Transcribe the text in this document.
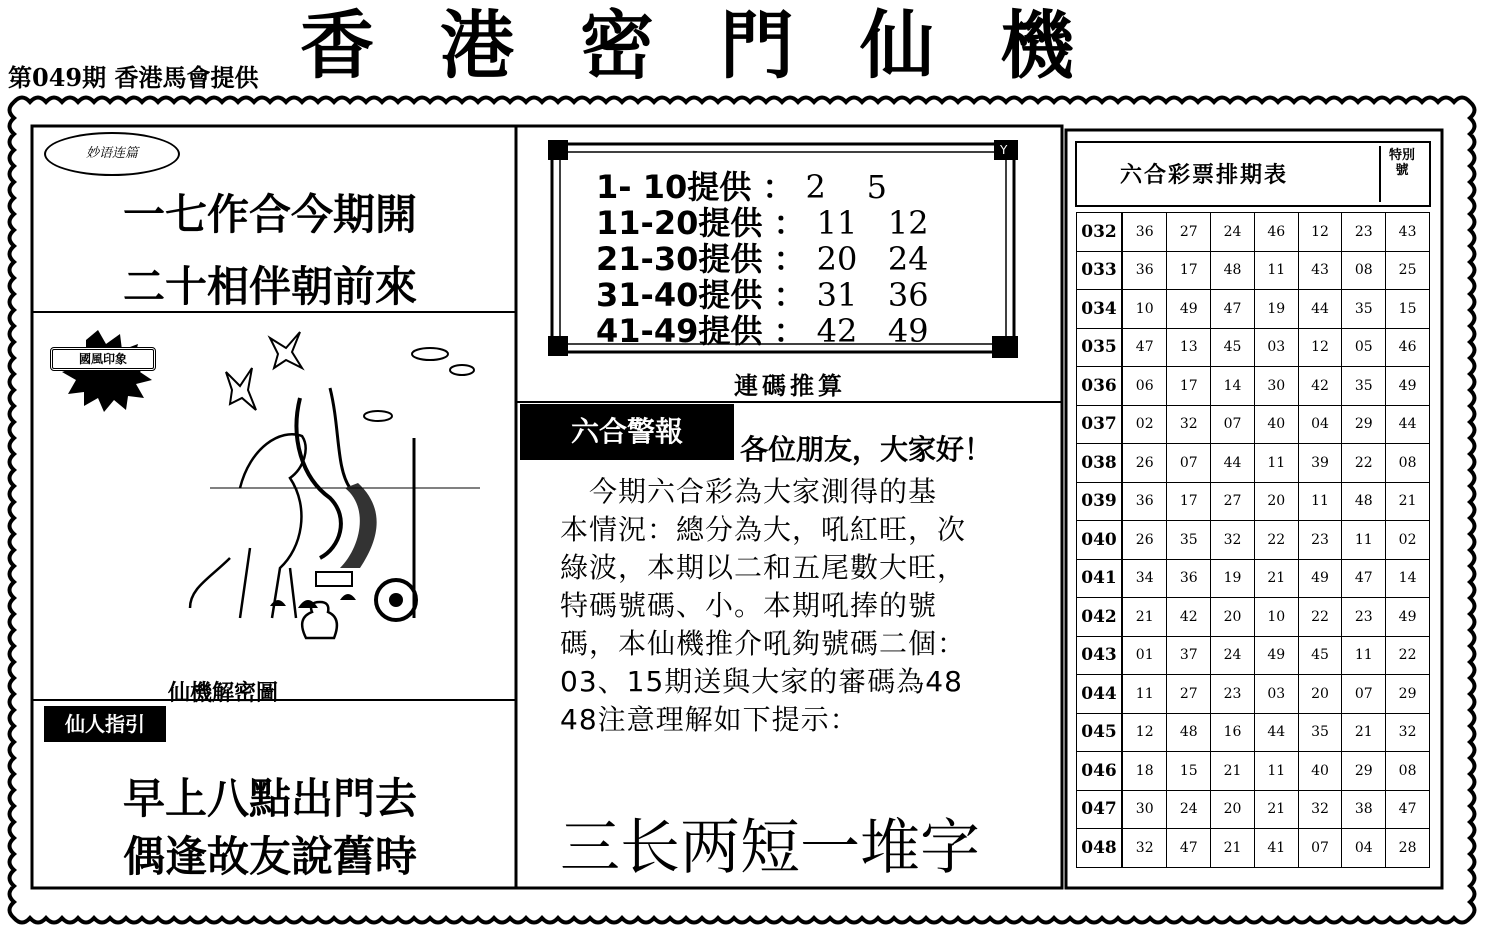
Y
第049期 香港馬會提供 香港密門仙機
妙语连篇
一七作合今期開
二十相伴朝前來
國風印象
仙機解密圖
仙人指引
早上八點出門去
偶逢故友說舊時
1- 10提供 ： 2    5
11-20提供 ： 11   12
21-30提供 ： 20   24
31-40提供 ： 31   36
41-49提供 ： 42   49
連碼推算
六合警報
各位朋友，大家好！
　今期六合彩為大家測得的基
本情況：總分為大，吼紅旺，次
綠波，本期以二和五尾數大旺，
特碼號碼、小。本期吼捧的號
碼，本仙機推介吼夠號碼二個：
03、15期送與大家的審碼為48
48注意理解如下提示：
三长两短一堆字
六合彩票排期表
特別號
032	36	27	24	46	12	23	43
033	36	17	48	11	43	08	25
034	10	49	47	19	44	35	15
035	47	13	45	03	12	05	46
036	06	17	14	30	42	35	49
037	02	32	07	40	04	29	44
038	26	07	44	11	39	22	08
039	36	17	27	20	11	48	21
040	26	35	32	22	23	11	02
041	34	36	19	21	49	47	14
042	21	42	20	10	22	23	49
043	01	37	24	49	45	11	22
044	11	27	23	03	20	07	29
045	12	48	16	44	35	21	32
046	18	15	21	11	40	29	08
047	30	24	20	21	32	38	47
048	32	47	21	41	07	04	28
